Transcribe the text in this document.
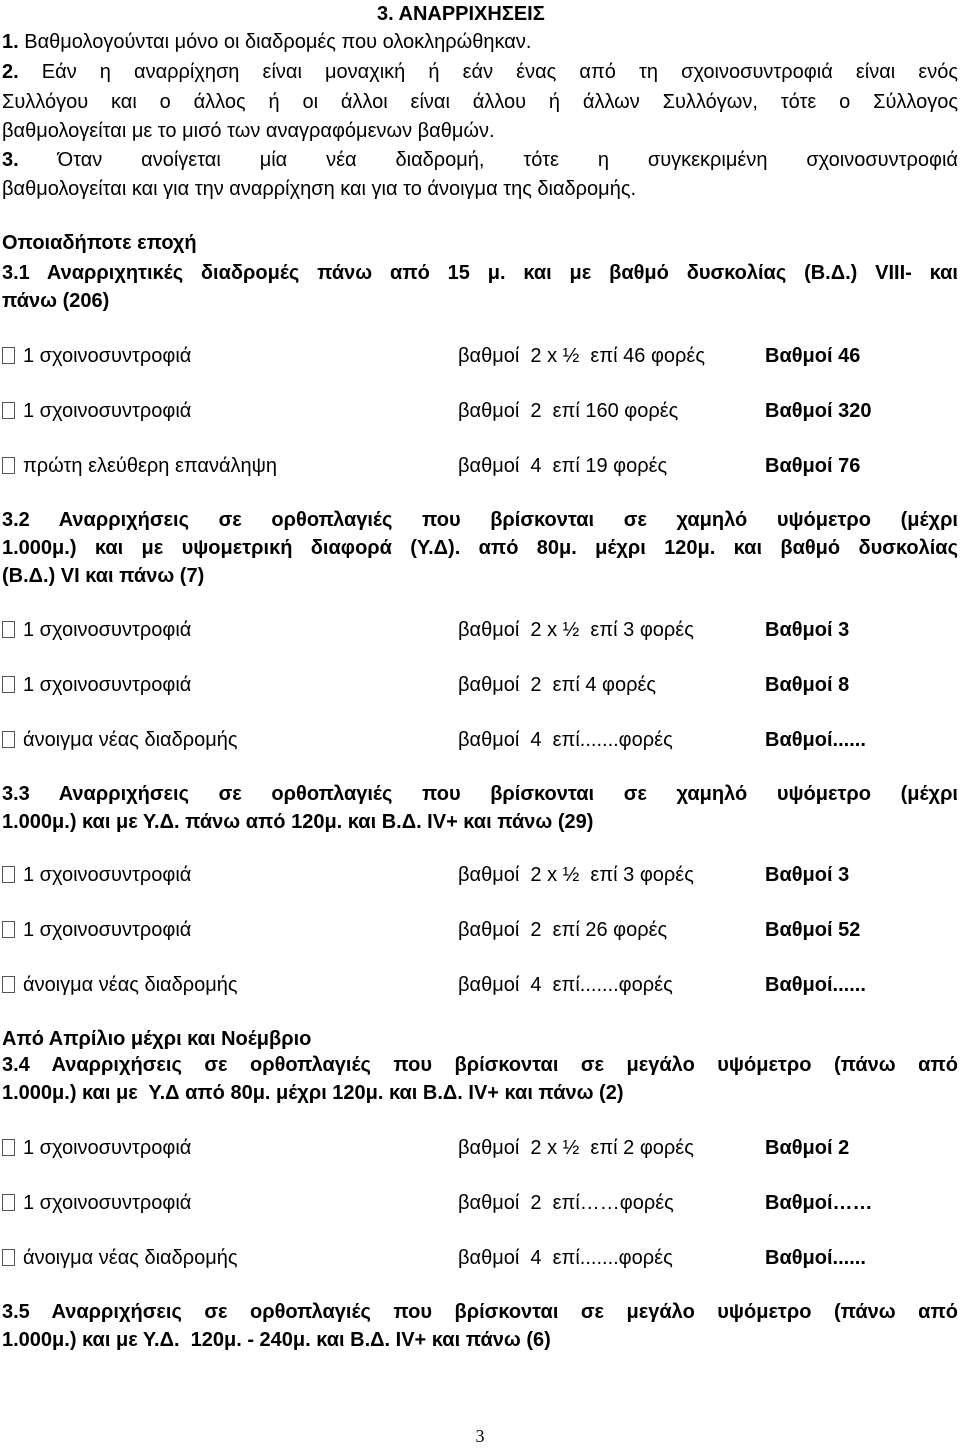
3. ΑΝΑΡΡΙΧΗΣΕΙΣ
1. Βαθμολογούνται μόνο οι διαδρομές που ολοκληρώθηκαν.
2. Εάν η αναρρίχηση είναι μοναχική ή εάν ένας από τη σχοινοσυντροφιά είναι ενός
Συλλόγου και ο άλλος ή οι άλλοι είναι άλλου ή άλλων Συλλόγων, τότε ο Σύλλογος
βαθμολογείται με το μισό των αναγραφόμενων βαθμών.
3. Όταν ανοίγεται μία νέα διαδρομή, τότε η συγκεκριμένη σχοινοσυντροφιά
βαθμολογείται και για την αναρρίχηση και για το άνοιγμα της διαδρομής.
Οποιαδήποτε εποχή
3.1 Αναρριχητικές διαδρομές πάνω από 15 μ. και με βαθμό δυσκολίας (Β.Δ.) VIII- και
πάνω (206)
1 σχοινοσυντροφιά	βαθμοί  2 x ½  επί 46 φορές	Βαθμοί 46
1 σχοινοσυντροφιά	βαθμοί  2  επί 160 φορές	Βαθμοί 320
πρώτη ελεύθερη επανάληψη	βαθμοί  4  επί 19 φορές	Βαθμοί 76
3.2 Αναρριχήσεις σε ορθοπλαγιές που βρίσκονται σε χαμηλό υψόμετρο (μέχρι
1.000μ.) και με υψομετρική διαφορά (Υ.Δ). από 80μ. μέχρι 120μ. και βαθμό δυσκολίας
(Β.Δ.) VI και πάνω (7)
1 σχοινοσυντροφιά	βαθμοί  2 x ½  επί 3 φορές	Βαθμοί 3
1 σχοινοσυντροφιά	βαθμοί  2  επί 4 φορές	Βαθμοί 8
άνοιγμα νέας διαδρομής	βαθμοί  4  επί.......φορές	Βαθμοί......
3.3 Αναρριχήσεις σε ορθοπλαγιές που βρίσκονται σε χαμηλό υψόμετρο (μέχρι
1.000μ.) και με Υ.Δ. πάνω από 120μ. και Β.Δ. IV+ και πάνω (29)
1 σχοινοσυντροφιά	βαθμοί  2 x ½  επί 3 φορές	Βαθμοί 3
1 σχοινοσυντροφιά	βαθμοί  2  επί 26 φορές	Βαθμοί 52
άνοιγμα νέας διαδρομής	βαθμοί  4  επί.......φορές	Βαθμοί......
Από Απρίλιο μέχρι και Νοέμβριο
3.4 Αναρριχήσεις σε ορθοπλαγιές που βρίσκονται σε μεγάλο υψόμετρο (πάνω από
1.000μ.) και με  Υ.Δ από 80μ. μέχρι 120μ. και Β.Δ. IV+ και πάνω (2)
1 σχοινοσυντροφιά	βαθμοί  2 x ½  επί 2 φορές	Βαθμοί 2
1 σχοινοσυντροφιά	βαθμοί  2  επί……φορές	Βαθμοί……
άνοιγμα νέας διαδρομής	βαθμοί  4  επί.......φορές	Βαθμοί......
3.5 Αναρριχήσεις σε ορθοπλαγιές που βρίσκονται σε μεγάλο υψόμετρο (πάνω από
1.000μ.) και με Υ.Δ.  120μ. - 240μ. και Β.Δ. IV+ και πάνω (6)
3
